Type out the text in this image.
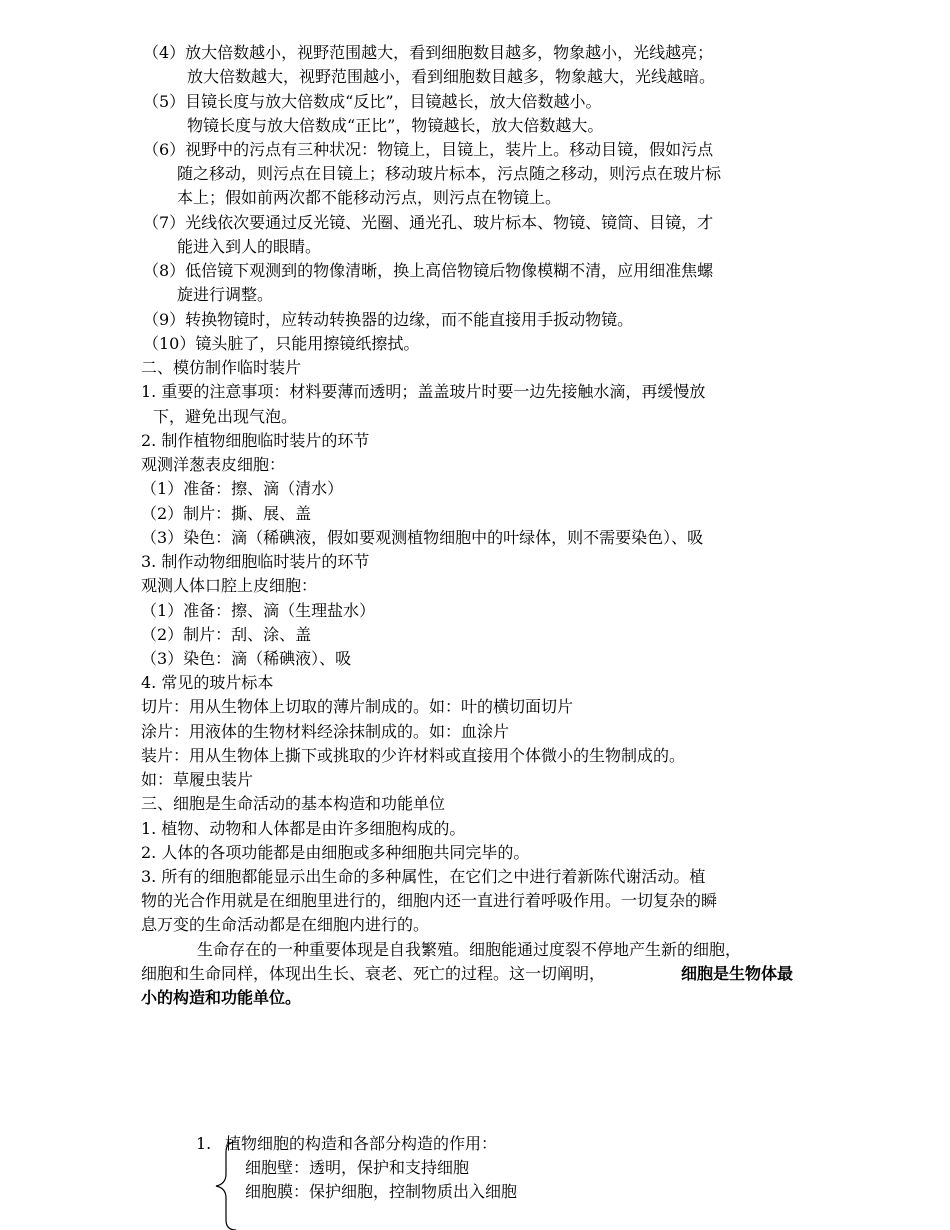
（4）放大倍数越小，视野范围越大，看到细胞数目越多，物象越小，光线越亮；
放大倍数越大，视野范围越小，看到细胞数目越多，物象越大，光线越暗。
（5）目镜长度与放大倍数成“反比”，目镜越长，放大倍数越小。
物镜长度与放大倍数成“正比”，物镜越长，放大倍数越大。
（6）视野中的污点有三种状况：物镜上，目镜上，装片上。移动目镜，假如污点
随之移动，则污点在目镜上；移动玻片标本，污点随之移动，则污点在玻片标
本上；假如前两次都不能移动污点，则污点在物镜上。
（7）光线依次要通过反光镜、光圈、通光孔、玻片标本、物镜、镜筒、目镜，才
能进入到人的眼睛。
（8）低倍镜下观测到的物像清晰，换上高倍物镜后物像模糊不清，应用细准焦螺
旋进行调整。
（9）转换物镜时，应转动转换器的边缘，而不能直接用手扳动物镜。
（10）镜头脏了，只能用擦镜纸擦拭。
二、模仿制作临时装片
1. 重要的注意事项：材料要薄而透明；盖盖玻片时要一边先接触水滴，再缓慢放
下，避免出现气泡。
2. 制作植物细胞临时装片的环节
观测洋葱表皮细胞：
（1）准备：擦、滴（清水）
（2）制片：撕、展、盖
（3）染色：滴（稀碘液，假如要观测植物细胞中的叶绿体，则不需要染色）、吸
3. 制作动物细胞临时装片的环节
观测人体口腔上皮细胞：
（1）准备：擦、滴（生理盐水）
（2）制片：刮、涂、盖
（3）染色：滴（稀碘液）、吸
4. 常见的玻片标本
切片：用从生物体上切取的薄片制成的。如：叶的横切面切片
涂片：用液体的生物材料经涂抹制成的。如：血涂片
装片：用从生物体上撕下或挑取的少许材料或直接用个体微小的生物制成的。
如：草履虫装片
三、细胞是生命活动的基本构造和功能单位
1. 植物、动物和人体都是由许多细胞构成的。
2. 人体的各项功能都是由细胞或多种细胞共同完毕的。
3. 所有的细胞都能显示出生命的多种属性，在它们之中进行着新陈代谢活动。植
物的光合作用就是在细胞里进行的，细胞内还一直进行着呼吸作用。一切复杂的瞬
息万变的生命活动都是在细胞内进行的。
生命存在的一种重要体现是自我繁殖。细胞能通过度裂不停地产生新的细胞，
细胞和生命同样，体现出生长、衰老、死亡的过程。这一切阐明，	细胞是生物体最
小的构造和功能单位。
1. 植物细胞的构造和各部分构造的作用：
细胞壁：透明，保护和支持细胞
细胞膜：保护细胞，控制物质出入细胞
